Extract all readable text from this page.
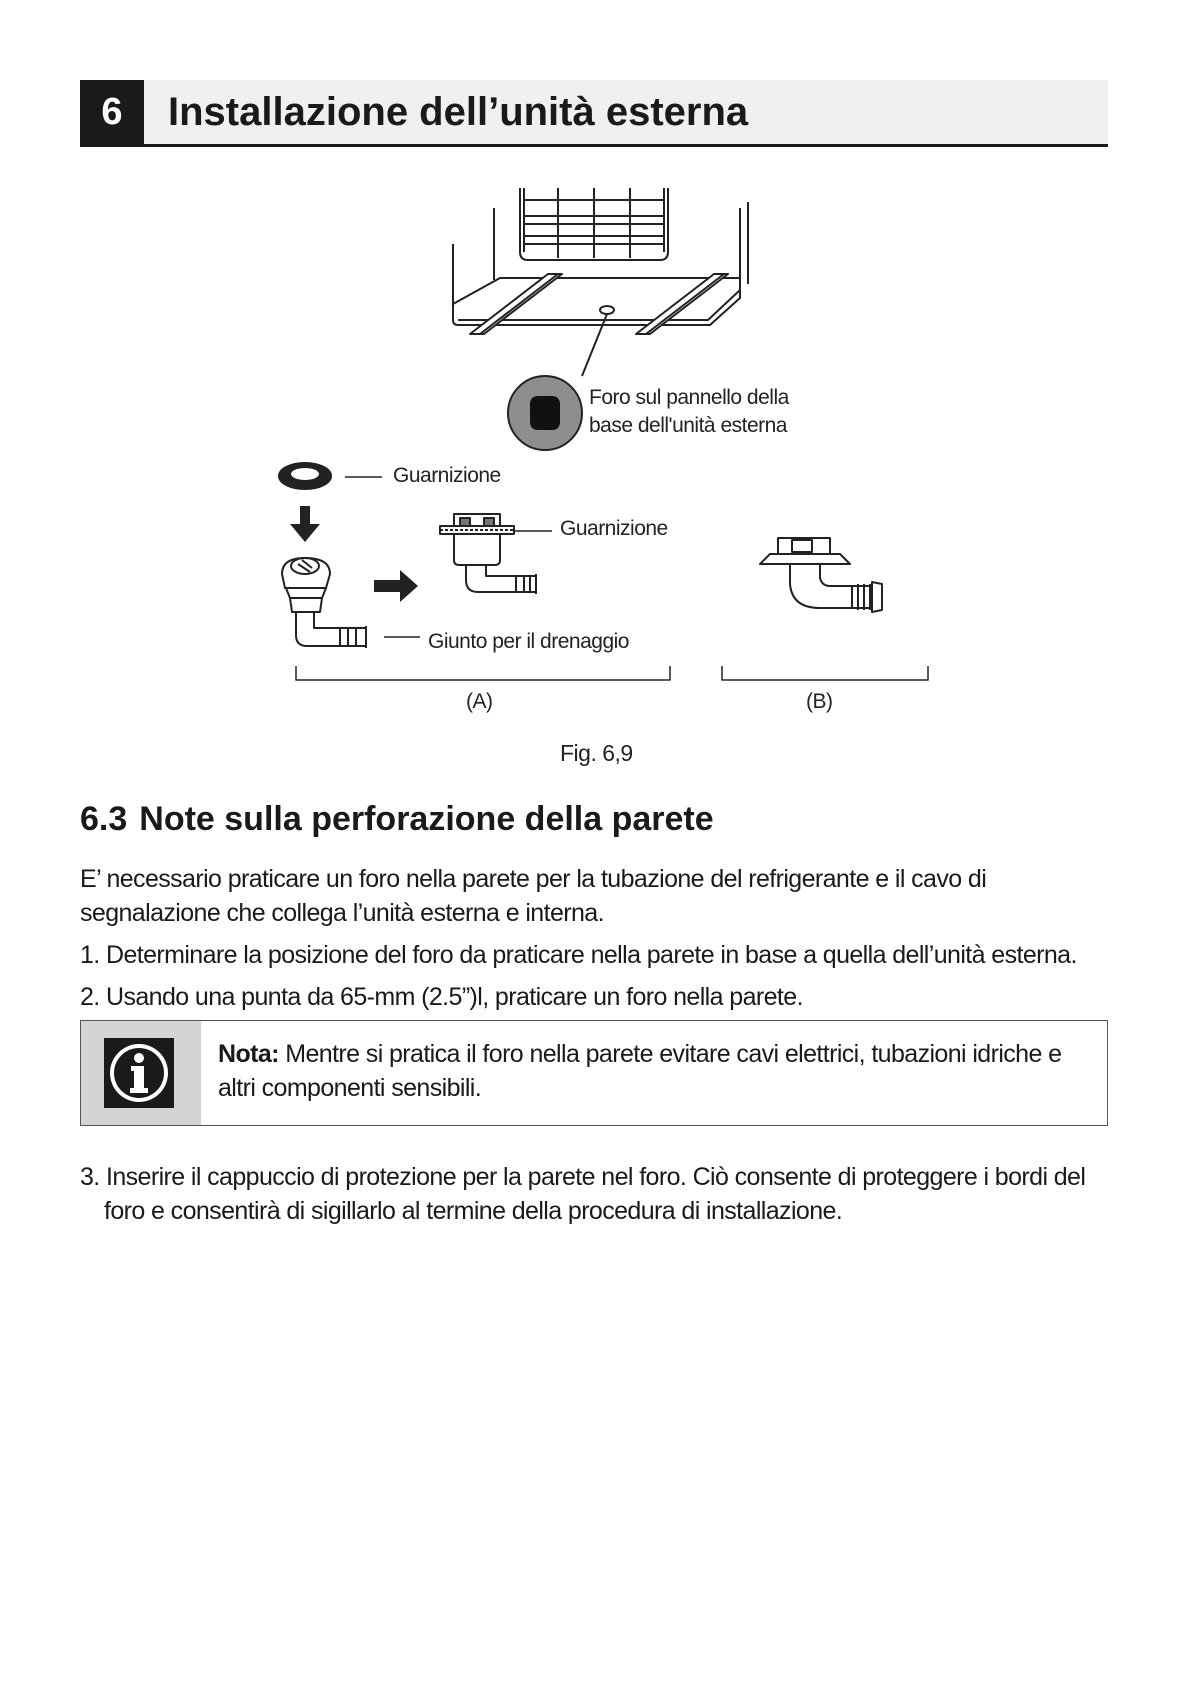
6	Installazione dell’unità esterna
Foro sul pannello della
base dell'unità esterna
Guarnizione
Guarnizione
Giunto per il drenaggio
(A)	(B)
Fig. 6,9
6.3 Note sulla perforazione della parete
E’ necessario praticare un foro nella parete per la tubazione del refrigerante e il cavo di segnalazione che collega l’unità esterna e interna.
1. Determinare la posizione del foro da praticare nella parete in base a quella dell’unità esterna.
2. Usando una punta da 65-mm (2.5”)l, praticare un foro nella parete.
Nota: Mentre si pratica il foro nella parete evitare cavi elettrici, tubazioni idriche e altri componenti sensibili.
3. Inserire il cappuccio di protezione per la parete nel foro. Ciò consente di proteggere i bordi del foro e consentirà di sigillarlo al termine della procedura di installazione.
